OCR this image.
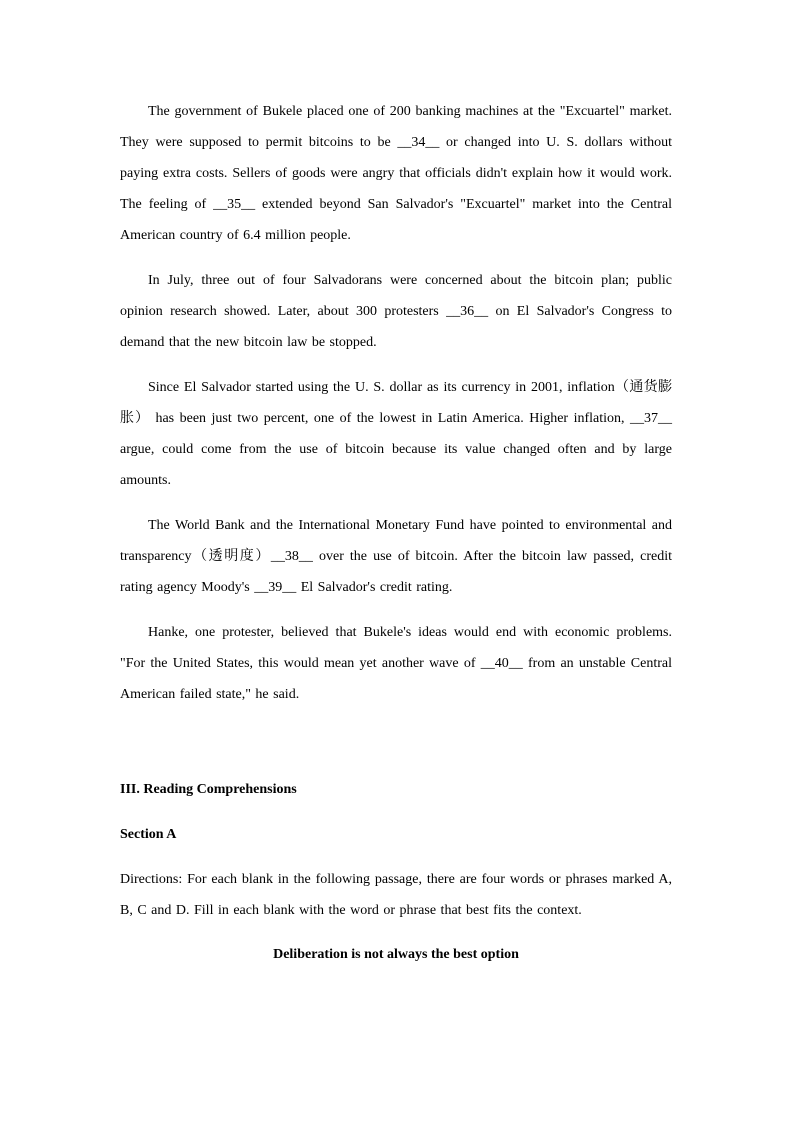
The government of Bukele placed one of 200 banking machines at the "Excuartel" market. They were supposed to permit bitcoins to be __34__ or changed into U. S. dollars without paying extra costs. Sellers of goods were angry that officials didn't explain how it would work. The feeling of __35__ extended beyond San Salvador's "Excuartel" market into the Central American country of 6.4 million people.

In July, three out of four Salvadorans were concerned about the bitcoin plan; public opinion research showed. Later, about 300 protesters __36__ on El Salvador's Congress to demand that the new bitcoin law be stopped.

Since El Salvador started using the U. S. dollar as its currency in 2001, inflation（通货膨胀） has been just two percent, one of the lowest in Latin America. Higher inflation, __37__ argue, could come from the use of bitcoin because its value changed often and by large amounts.

The World Bank and the International Monetary Fund have pointed to environmental and transparency（透明度）__38__ over the use of bitcoin. After the bitcoin law passed, credit rating agency Moody's __39__ El Salvador's credit rating.

Hanke, one protester, believed that Bukele's ideas would end with economic problems. "For the United States, this would mean yet another wave of __40__ from an unstable Central American failed state," he said.

III. Reading Comprehensions

Section A

Directions: For each blank in the following passage, there are four words or phrases marked A, B, C and D. Fill in each blank with the word or phrase that best fits the context.

Deliberation is not always the best option
